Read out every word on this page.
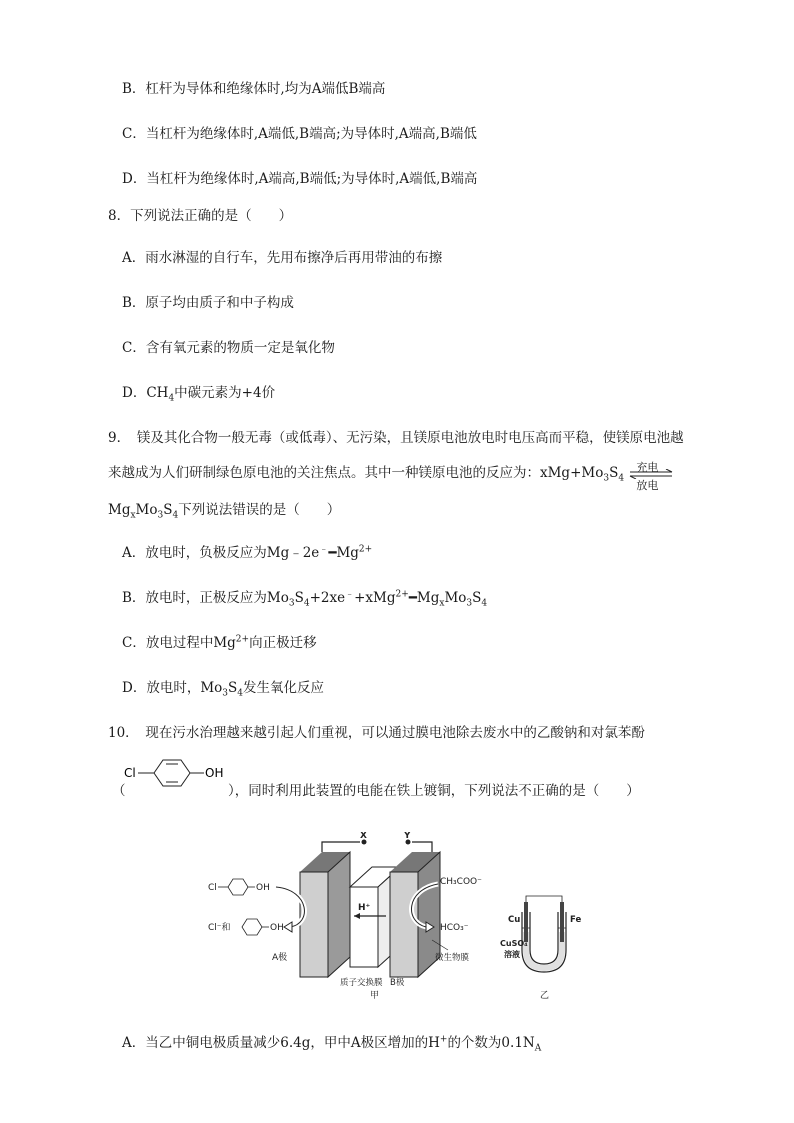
B．杠杆为导体和绝缘体时,均为A端低B端高
C．当杠杆为绝缘体时,A端低,B端高;为导体时,A端高,B端低
D．当杠杆为绝缘体时,A端高,B端低;为导体时,A端低,B端高
8．下列说法正确的是（　　）
A．雨水淋湿的自行车，先用布擦净后再用带油的布擦
B．原子均由质子和中子构成
C．含有氧元素的物质一定是氧化物
D．$CH_4$中碳元素为+4价
9．　镁及其化合物一般无毒（或低毒）、无污染，且镁原电池放电时电压高而平稳，使镁原电池越
来越成为人们研制绿色原电池的关注焦点。其中一种镁原电池的反应为：$xMg+Mo_3S_4$
充电
放电
$Mg_xMo_3S_4$下列说法错误的是（　　）
A．放电时，负极反应为$Mg﹣2e^﹣━Mg^{2+}$
B．放电时，正极反应为$Mo_3S_4+2xe^﹣+xMg^{2+}━Mg_xMo_3S_4$
C．放电过程中$Mg^{2+}$向正极迁移
D．放电时，$Mo_3S_4$发生氧化反应
10．　现在污水治理越来越引起人们重视，可以通过膜电池除去废水中的乙酸钠和对氯苯酚
Cl	OH
（	），同时利用此装置的电能在铁上镀铜，下列说法不正确的是（　　）
X	Y
H⁺
Cl	OH
Cl⁻和	OH
CH₃COO⁻
HCO₃⁻
A极
质子交换膜 B极
微生物膜
甲
Cu	Fe
CuSO₄
溶液
乙
A．当乙中铜电极质量减少6.4g，甲中A极区增加的H+的个数为$0.1N_A$
